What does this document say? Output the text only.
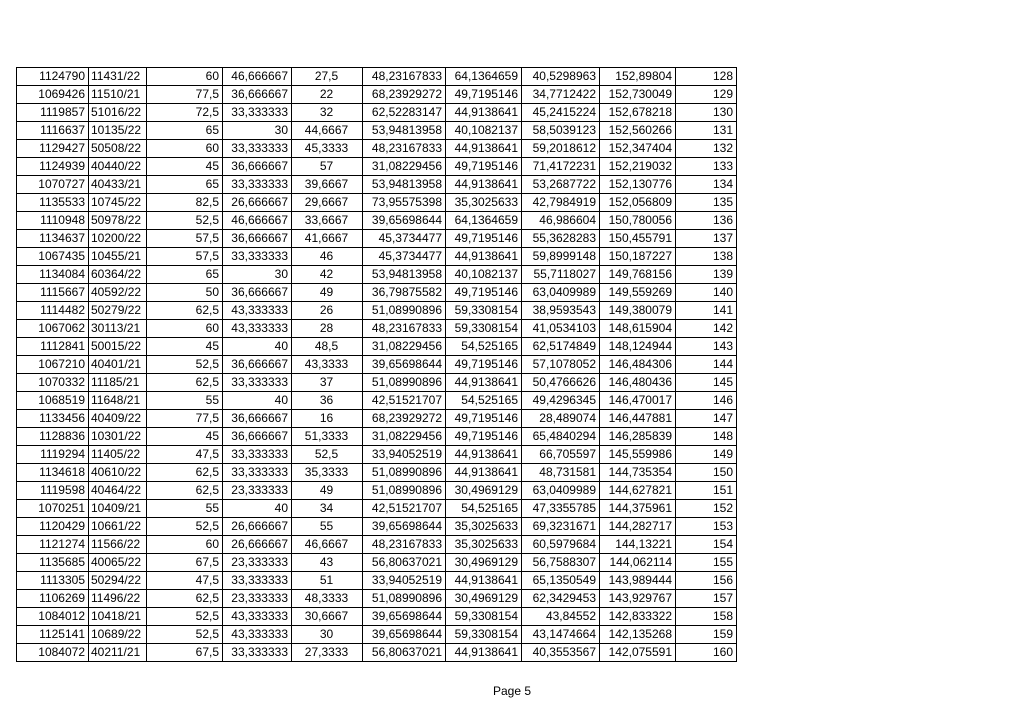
1124790	11431/22	60	46,666667	27,5	48,23167833	64,1364659	40,5298963	152,89804	128
1069426	11510/21	77,5	36,666667	22	68,23929272	49,7195146	34,7712422	152,730049	129
1119857	51016/22	72,5	33,333333	32	62,52283147	44,9138641	45,2415224	152,678218	130
1116637	10135/22	65	30	44,6667	53,94813958	40,1082137	58,5039123	152,560266	131
1129427	50508/22	60	33,333333	45,3333	48,23167833	44,9138641	59,2018612	152,347404	132
1124939	40440/22	45	36,666667	57	31,08229456	49,7195146	71,4172231	152,219032	133
1070727	40433/21	65	33,333333	39,6667	53,94813958	44,9138641	53,2687722	152,130776	134
1135533	10745/22	82,5	26,666667	29,6667	73,95575398	35,3025633	42,7984919	152,056809	135
1110948	50978/22	52,5	46,666667	33,6667	39,65698644	64,1364659	46,986604	150,780056	136
1134637	10200/22	57,5	36,666667	41,6667	45,3734477	49,7195146	55,3628283	150,455791	137
1067435	10455/21	57,5	33,333333	46	45,3734477	44,9138641	59,8999148	150,187227	138
1134084	60364/22	65	30	42	53,94813958	40,1082137	55,7118027	149,768156	139
1115667	40592/22	50	36,666667	49	36,79875582	49,7195146	63,0409989	149,559269	140
1114482	50279/22	62,5	43,333333	26	51,08990896	59,3308154	38,9593543	149,380079	141
1067062	30113/21	60	43,333333	28	48,23167833	59,3308154	41,0534103	148,615904	142
1112841	50015/22	45	40	48,5	31,08229456	54,525165	62,5174849	148,124944	143
1067210	40401/21	52,5	36,666667	43,3333	39,65698644	49,7195146	57,1078052	146,484306	144
1070332	11185/21	62,5	33,333333	37	51,08990896	44,9138641	50,4766626	146,480436	145
1068519	11648/21	55	40	36	42,51521707	54,525165	49,4296345	146,470017	146
1133456	40409/22	77,5	36,666667	16	68,23929272	49,7195146	28,489074	146,447881	147
1128836	10301/22	45	36,666667	51,3333	31,08229456	49,7195146	65,4840294	146,285839	148
1119294	11405/22	47,5	33,333333	52,5	33,94052519	44,9138641	66,705597	145,559986	149
1134618	40610/22	62,5	33,333333	35,3333	51,08990896	44,9138641	48,731581	144,735354	150
1119598	40464/22	62,5	23,333333	49	51,08990896	30,4969129	63,0409989	144,627821	151
1070251	10409/21	55	40	34	42,51521707	54,525165	47,3355785	144,375961	152
1120429	10661/22	52,5	26,666667	55	39,65698644	35,3025633	69,3231671	144,282717	153
1121274	11566/22	60	26,666667	46,6667	48,23167833	35,3025633	60,5979684	144,13221	154
1135685	40065/22	67,5	23,333333	43	56,80637021	30,4969129	56,7588307	144,062114	155
1113305	50294/22	47,5	33,333333	51	33,94052519	44,9138641	65,1350549	143,989444	156
1106269	11496/22	62,5	23,333333	48,3333	51,08990896	30,4969129	62,3429453	143,929767	157
1084012	10418/21	52,5	43,333333	30,6667	39,65698644	59,3308154	43,84552	142,833322	158
1125141	10689/22	52,5	43,333333	30	39,65698644	59,3308154	43,1474664	142,135268	159
1084072	40211/21	67,5	33,333333	27,3333	56,80637021	44,9138641	40,3553567	142,075591	160
Page 5
